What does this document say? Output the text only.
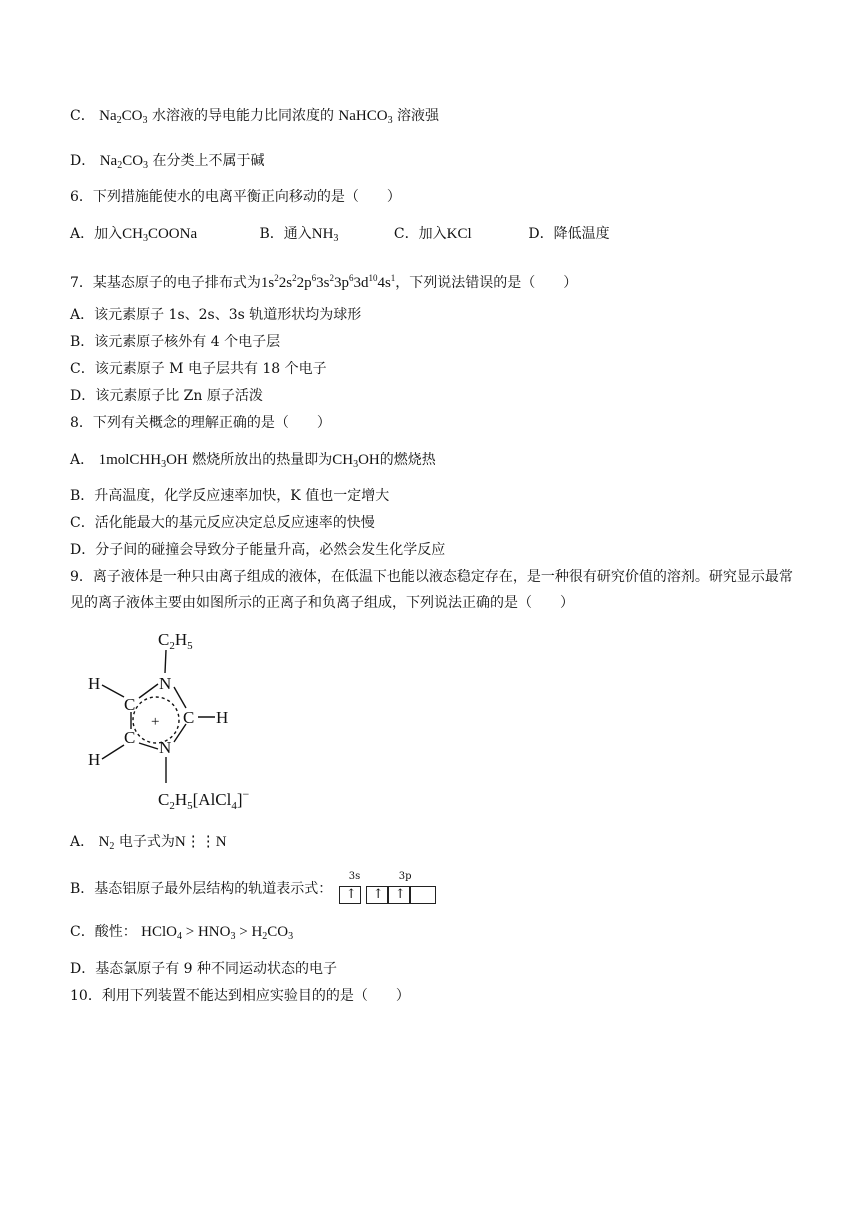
C． $Na_2CO_3$ 水溶液的导电能力比同浓度的 NaHCO$_3$ 溶液强
D． $Na_2CO_3$ 在分类上不属于碱
6．下列措施能使水的电离平衡正向移动的是（　　）
A．加入$CH_3COONa$	B．通入$NH_3$	C．加入KCl	D．降低温度
7．某基态原子的电子排布式为$1s^22s^22p^63s^23p^63d^{10}4s^1$，下列说法错误的是（　　）
A．该元素原子 1s、2s、3s 轨道形状均为球形
B．该元素原子核外有 4 个电子层
C．该元素原子 M 电子层共有 18 个电子
D．该元素原子比 Zn 原子活泼
8．下列有关概念的理解正确的是（　　）
A． 1molCHH$_3$OH 燃烧所放出的热量即为$CH_3OH$的燃烧热
B．升高温度，化学反应速率加快，K 值也一定增大
C．活化能最大的基元反应决定总反应速率的快慢
D．分子间的碰撞会导致分子能量升高，必然会发生化学反应
9．离子液体是一种只由离子组成的液体，在低温下也能以液态稳定存在，是一种很有研究价值的溶剂。研究显示最常见的离子液体主要由如图所示的正离子和负离子组成，下列说法正确的是（　　）
$C_2H_5$
H	N
C
C H
C
N
H
+
$C_2H_5[AlCl_4]^-$
A． $N_2$ 电子式为N⋮⋮N
B．基态铝原子最外层结构的轨道表示式：
3s	3p
↑ ↑ ↑
C．酸性： HClO$_4$ > $HNO_3 > H_2CO_3$
D．基态氯原子有 9 种不同运动状态的电子
10．利用下列装置不能达到相应实验目的的是（　　）
